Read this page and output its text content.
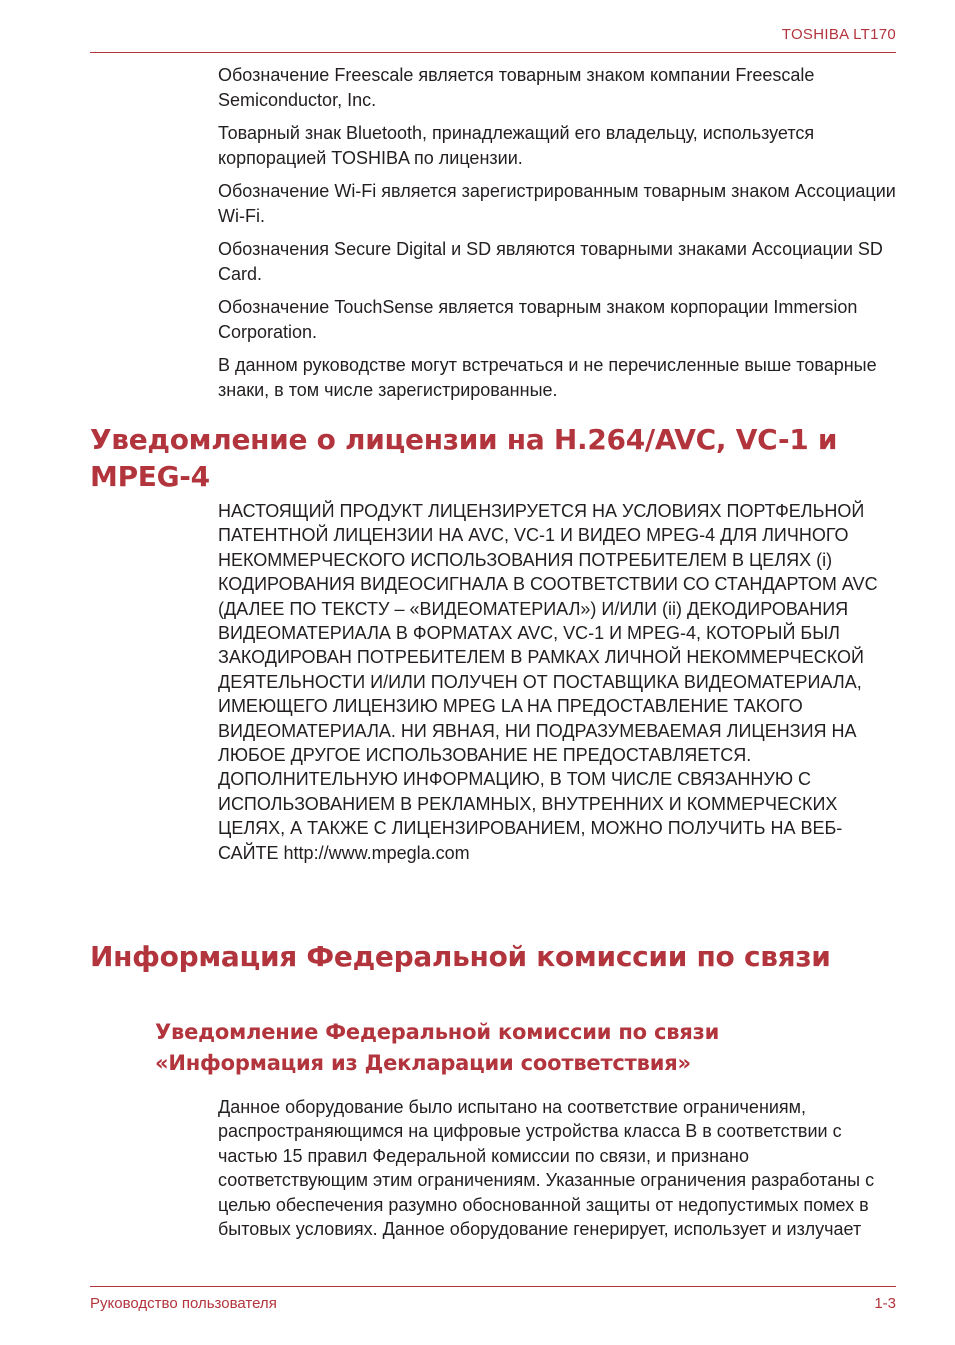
TOSHIBA LT170

Обозначение Freescale является товарным знаком компании Freescale Semiconductor, Inc.

Товарный знак Bluetooth, принадлежащий его владельцу, используется корпорацией TOSHIBA по лицензии.

Обозначение Wi-Fi является зарегистрированным товарным знаком Ассоциации Wi-Fi.

Обозначения Secure Digital и SD являются товарными знаками Ассоциации SD Card.

Обозначение TouchSense является товарным знаком корпорации Immersion Corporation.

В данном руководстве могут встречаться и не перечисленные выше товарные знаки, в том числе зарегистрированные.

Уведомление о лицензии на H.264/AVC, VC-1 и MPEG-4

НАСТОЯЩИЙ ПРОДУКТ ЛИЦЕНЗИРУЕТСЯ НА УСЛОВИЯХ ПОРТФЕЛЬНОЙ ПАТЕНТНОЙ ЛИЦЕНЗИИ НА AVC, VC-1 И ВИДЕО MPEG-4 ДЛЯ ЛИЧНОГО НЕКОММЕРЧЕСКОГО ИСПОЛЬЗОВАНИЯ ПОТРЕБИТЕЛЕМ В ЦЕЛЯХ (i) КОДИРОВАНИЯ ВИДЕОСИГНАЛА В СООТВЕТСТВИИ СО СТАНДАРТОМ AVC (ДАЛЕЕ ПО ТЕКСТУ – «ВИДЕОМАТЕРИАЛ») И/ИЛИ (ii) ДЕКОДИРОВАНИЯ ВИДЕОМАТЕРИАЛА В ФОРМАТАХ AVC, VC-1 И MPEG-4, КОТОРЫЙ БЫЛ ЗАКОДИРОВАН ПОТРЕБИТЕЛЕМ В РАМКАХ ЛИЧНОЙ НЕКОММЕРЧЕСКОЙ ДЕЯТЕЛЬНОСТИ И/ИЛИ ПОЛУЧЕН ОТ ПОСТАВЩИКА ВИДЕОМАТЕРИАЛА, ИМЕЮЩЕГО ЛИЦЕНЗИЮ MPEG LA НА ПРЕДОСТАВЛЕНИЕ ТАКОГО ВИДЕОМАТЕРИАЛА. НИ ЯВНАЯ, НИ ПОДРАЗУМЕВАЕМАЯ ЛИЦЕНЗИЯ НА ЛЮБОЕ ДРУГОЕ ИСПОЛЬЗОВАНИЕ НЕ ПРЕДОСТАВЛЯЕТСЯ. ДОПОЛНИТЕЛЬНУЮ ИНФОРМАЦИЮ, В ТОМ ЧИСЛЕ СВЯЗАННУЮ С ИСПОЛЬЗОВАНИЕМ В РЕКЛАМНЫХ, ВНУТРЕННИХ И КОММЕРЧЕСКИХ ЦЕЛЯХ, А ТАКЖЕ С ЛИЦЕНЗИРОВАНИЕМ, МОЖНО ПОЛУЧИТЬ НА ВЕБ-САЙТЕ http://www.mpegla.com

Информация Федеральной комиссии по связи
Уведомление Федеральной комиссии по связи «Информация из Декларации соответствия»

Данное оборудование было испытано на соответствие ограничениям, распространяющимся на цифровые устройства класса B в соответствии с частью 15 правил Федеральной комиссии по связи, и признано соответствующим этим ограничениям. Указанные ограничения разработаны с целью обеспечения разумно обоснованной защиты от недопустимых помех в бытовых условиях. Данное оборудование генерирует, использует и излучает

Руководство пользователя	1-3
